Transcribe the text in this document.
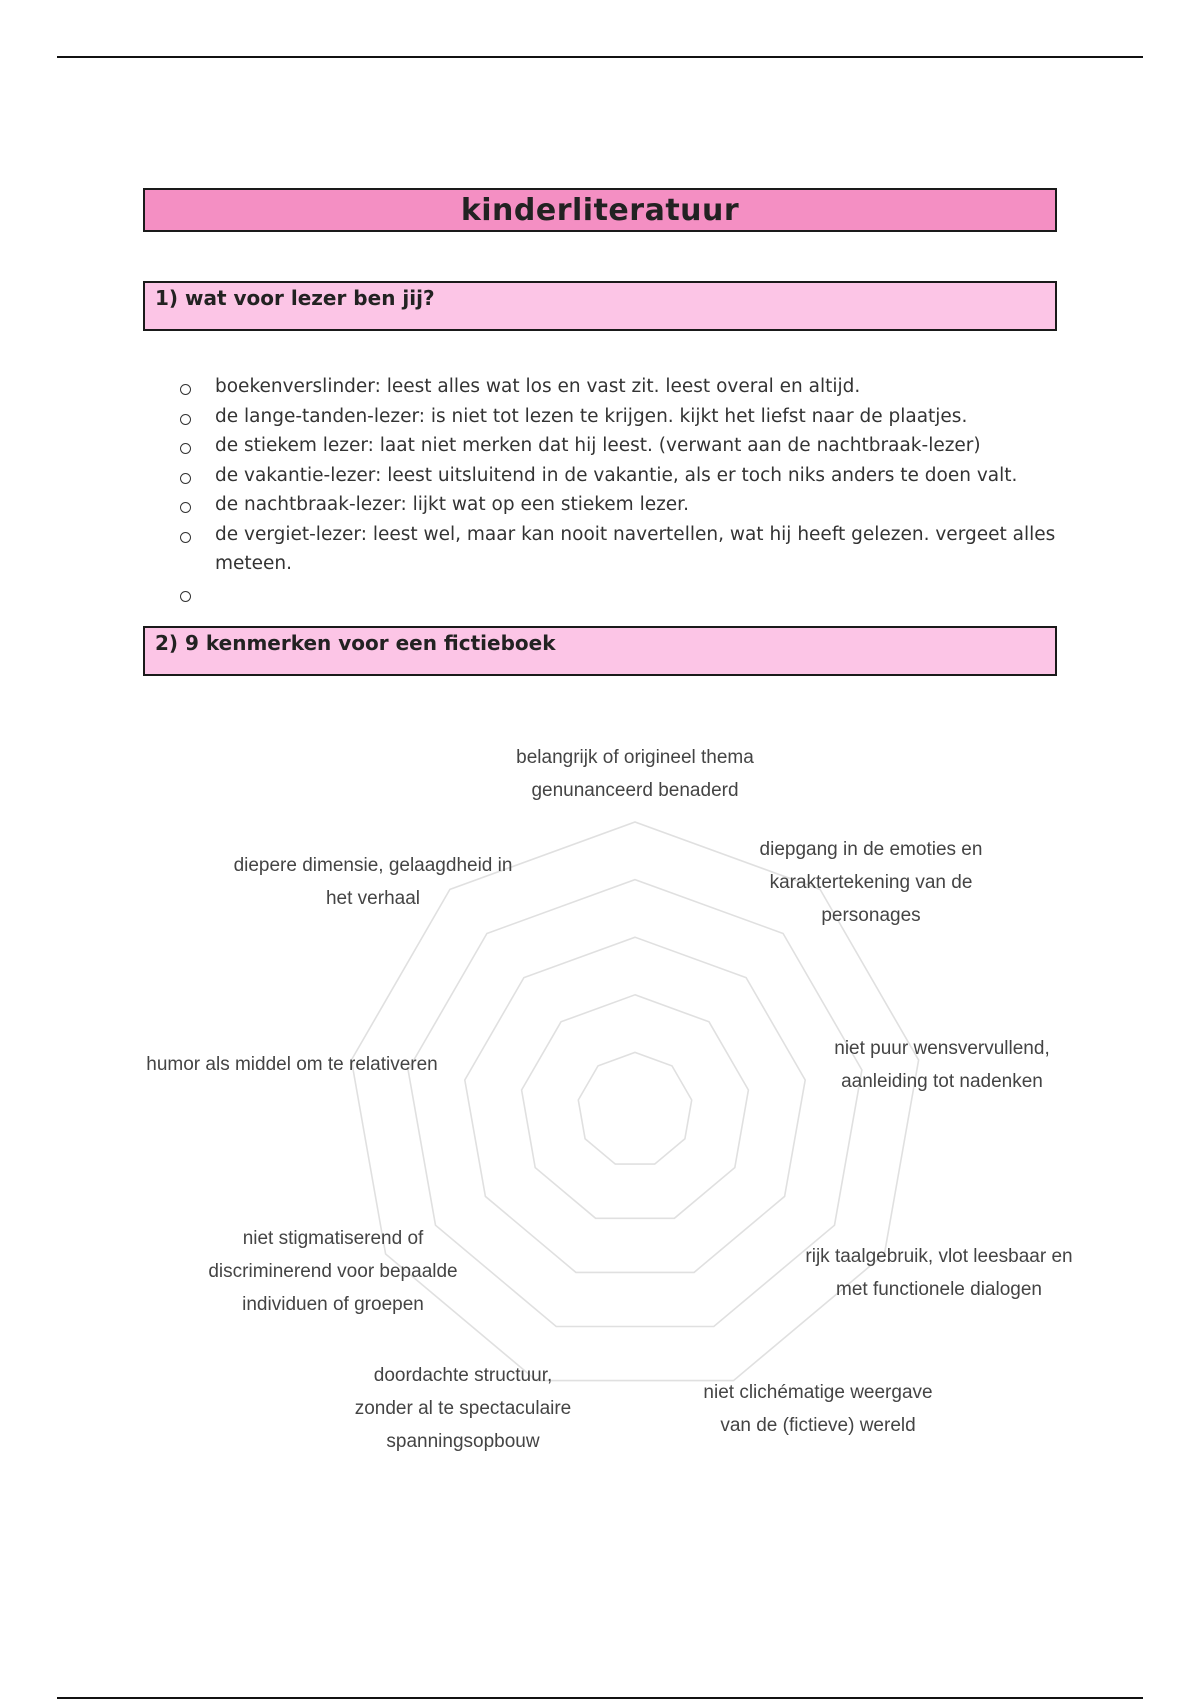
kinderliteratuur
1) wat voor lezer ben jij?
boekenverslinder: leest alles wat los en vast zit. leest overal en altijd.
de lange-tanden-lezer: is niet tot lezen te krijgen. kijkt het liefst naar de plaatjes.
de stiekem lezer: laat niet merken dat hij leest. (verwant aan de nachtbraak-lezer)
de vakantie-lezer: leest uitsluitend in de vakantie, als er toch niks anders te doen valt.
de nachtbraak-lezer: lijkt wat op een stiekem lezer.
de vergiet-lezer: leest wel, maar kan nooit navertellen, wat hij heeft gelezen. vergeet alles meteen.
2) 9 kenmerken voor een fictieboek
belangrijk of origineel thema genunanceerd benaderd
diepgang in de emoties en karaktertekening van de personages
niet puur wensvervullend, aanleiding tot nadenken
rijk taalgebruik, vlot leesbaar en met functionele dialogen
niet clichématige weergave van de (fictieve) wereld
doordachte structuur, zonder al te spectaculaire spanningsopbouw
niet stigmatiserend of discriminerend voor bepaalde individuen of groepen
humor als middel om te relativeren
diepere dimensie, gelaagdheid in het verhaal
